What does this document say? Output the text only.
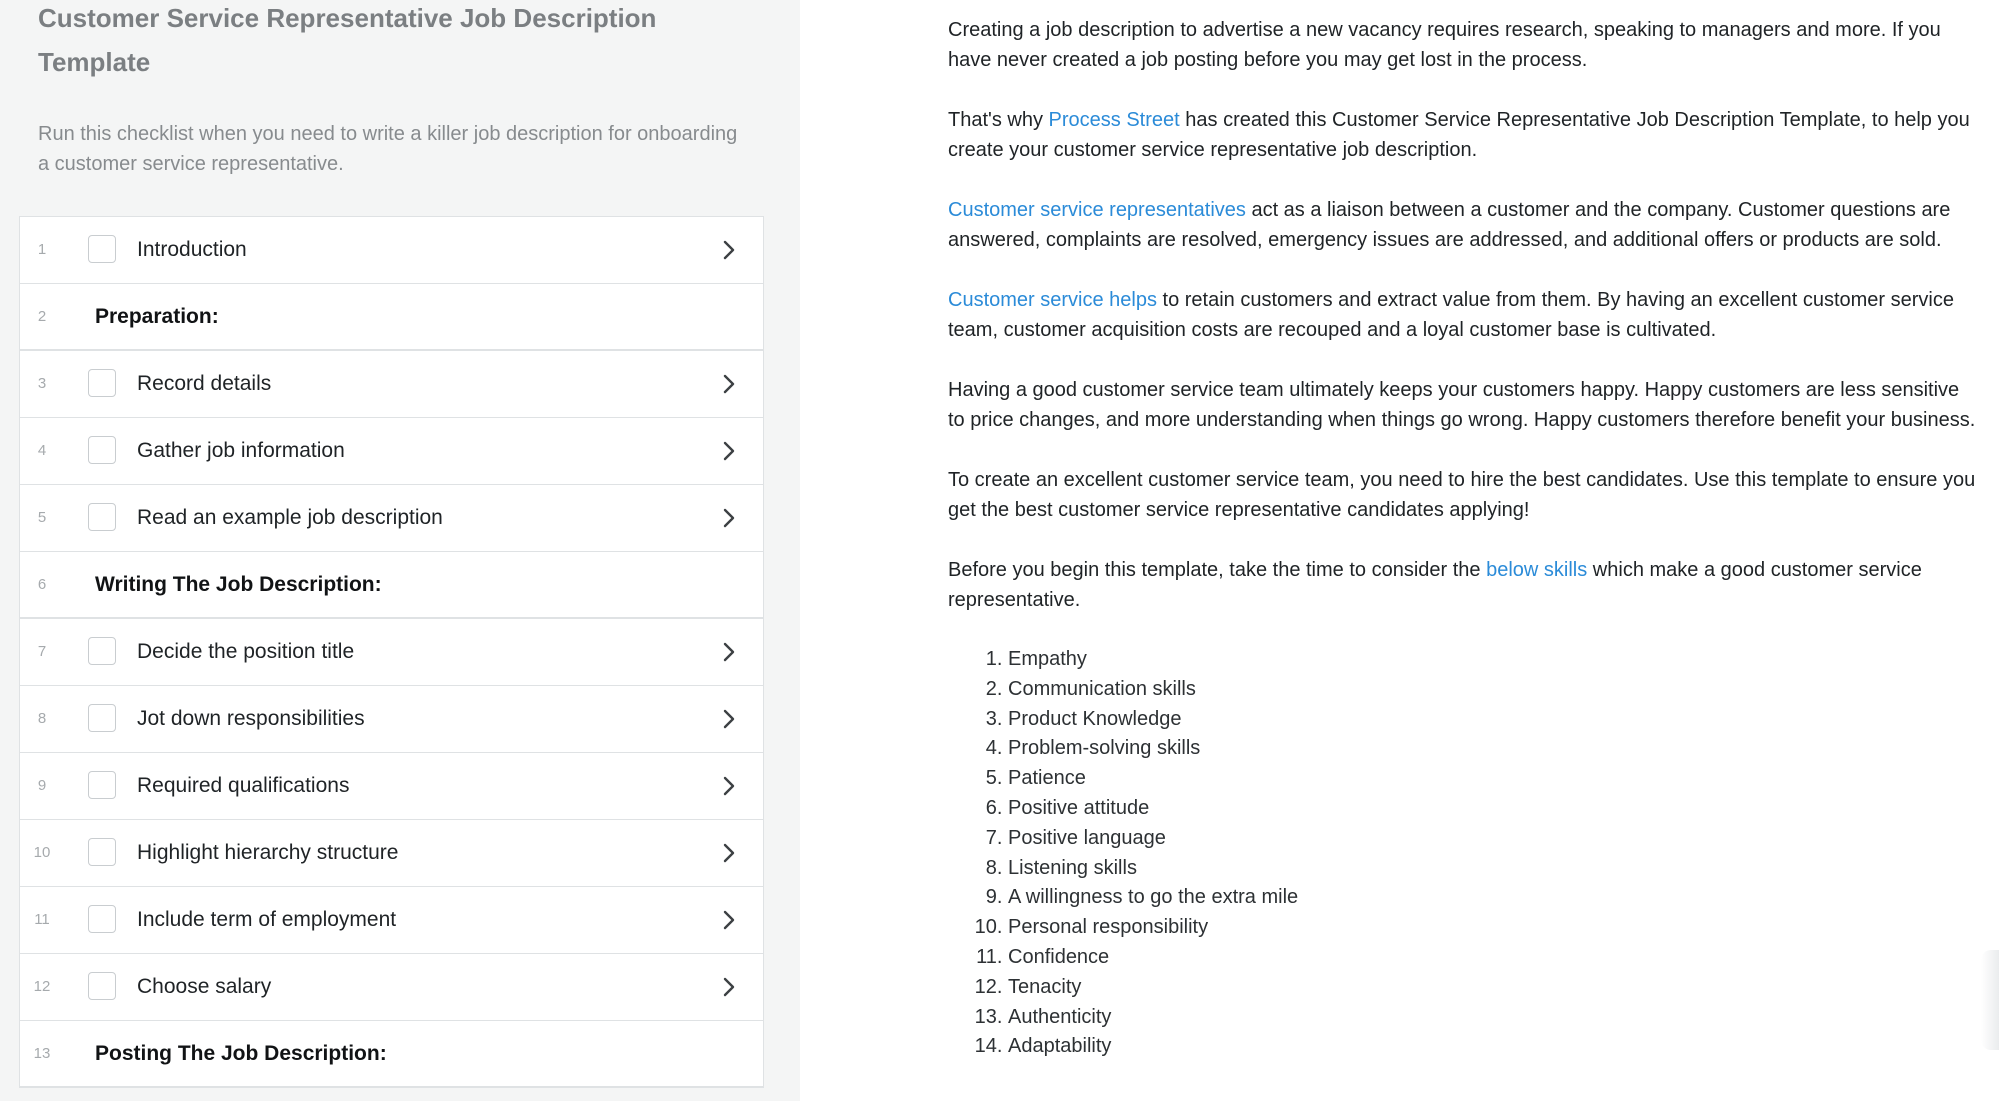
Customer Service Representative Job Description Template

Run this checklist when you need to write a killer job description for onboarding a customer service representative.

1	Introduction
2	Preparation:
3	Record details
4	Gather job information
5	Read an example job description
6	Writing The Job Description:
7	Decide the position title
8	Jot down responsibilities
9	Required qualifications
10	Highlight hierarchy structure
11	Include term of employment
12	Choose salary
13	Posting The Job Description:

Creating a job description to advertise a new vacancy requires research, speaking to managers and more. If you have never created a job posting before you may get lost in the process.

That's why Process Street has created this Customer Service Representative Job Description Template, to help you create your customer service representative job description.

Customer service representatives act as a liaison between a customer and the company. Customer questions are answered, complaints are resolved, emergency issues are addressed, and additional offers or products are sold.

Customer service helps to retain customers and extract value from them. By having an excellent customer service team, customer acquisition costs are recouped and a loyal customer base is cultivated.

Having a good customer service team ultimately keeps your customers happy. Happy customers are less sensitive to price changes, and more understanding when things go wrong. Happy customers therefore benefit your business.

To create an excellent customer service team, you need to hire the best candidates. Use this template to ensure you get the best customer service representative candidates applying!

Before you begin this template, take the time to consider the below skills which make a good customer service representative.

1. Empathy
2. Communication skills
3. Product Knowledge
4. Problem-solving skills
5. Patience
6. Positive attitude
7. Positive language
8. Listening skills
9. A willingness to go the extra mile
10. Personal responsibility
11. Confidence
12. Tenacity
13. Authenticity
14. Adaptability
